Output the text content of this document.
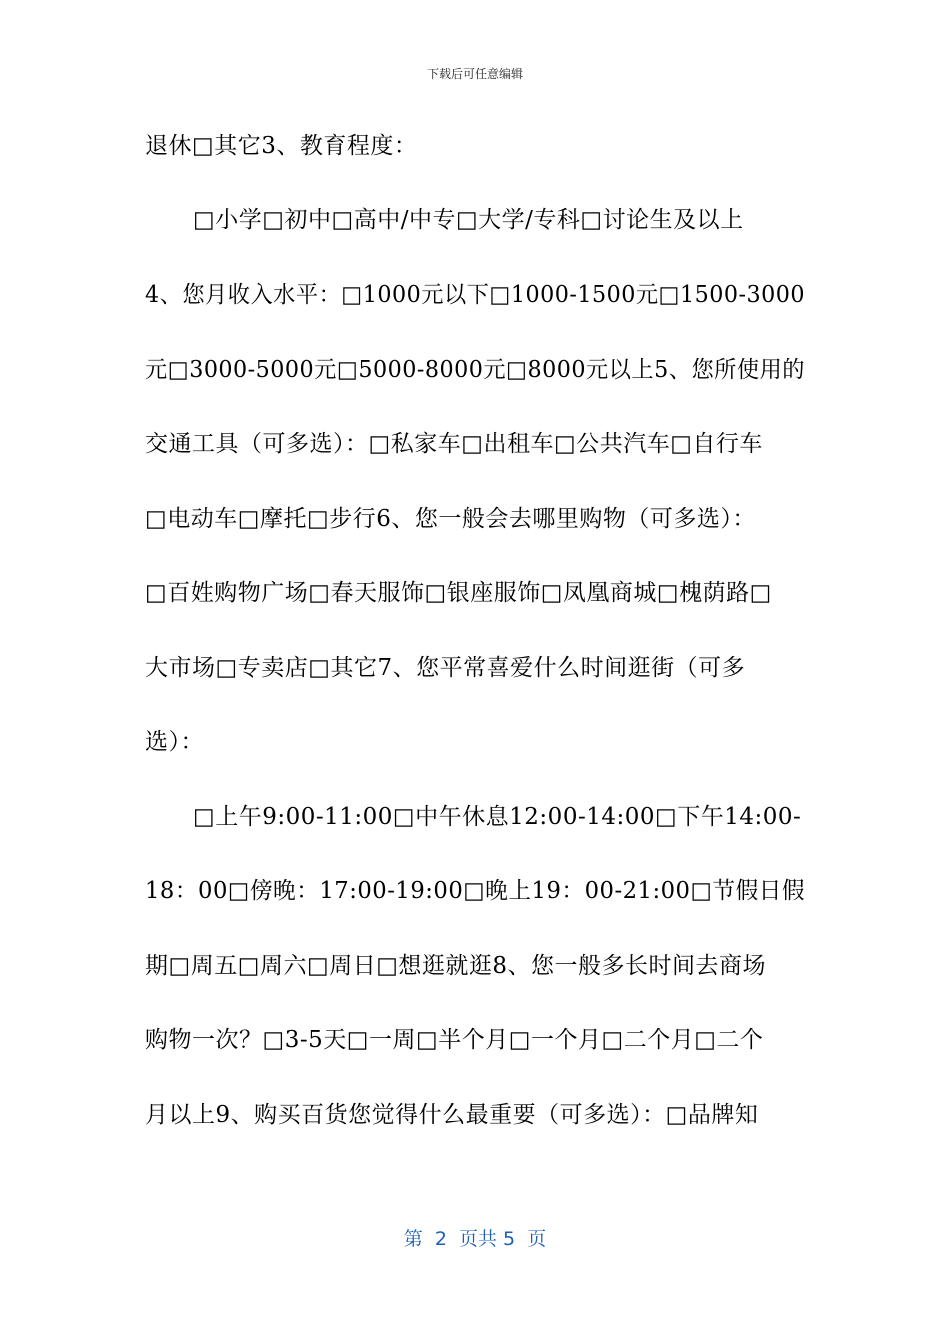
下载后可任意编辑
退休□其它3、教育程度：
□小学□初中□高中/中专□大学/专科□讨论生及以上
4、您月收入水平：□1000元以下□1000-1500元□1500-3000
元□3000-5000元□5000-8000元□8000元以上5、您所使用的
交通工具（可多选）：□私家车□出租车□公共汽车□自行车
□电动车□摩托□步行6、您一般会去哪里购物（可多选）：
□百姓购物广场□春天服饰□银座服饰□凤凰商城□槐荫路□
大市场□专卖店□其它7、您平常喜爱什么时间逛街（可多
选）：
□上午9:00-11:00□中午休息12:00-14:00□下午14:00-
18：00□傍晚：17:00-19:00□晚上19：00-21:00□节假日假
期□周五□周六□周日□想逛就逛8、您一般多长时间去商场
购物一次？□3-5天□一周□半个月□一个月□二个月□二个
月以上9、购买百货您觉得什么最重要（可多选）：□品牌知
第  2  页共 5  页
